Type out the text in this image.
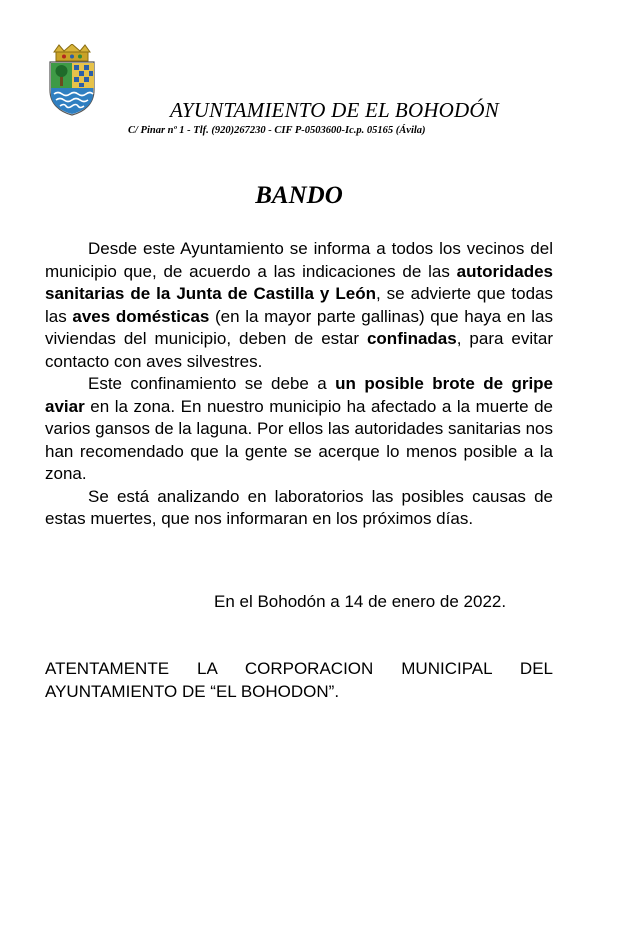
AYUNTAMIENTO DE EL BOHODÓN
C/ Pinar nº 1 - Tlf. (920)267230 - CIF P-0503600-Ic.p. 05165 (Ávila)
BANDO

Desde este Ayuntamiento se informa a todos los vecinos del municipio que, de acuerdo a las indicaciones de las autoridades sanitarias de la Junta de Castilla y León, se advierte que todas las aves domésticas (en la mayor parte gallinas) que haya en las viviendas del municipio, deben de estar confinadas, para evitar contacto con aves silvestres.

Este confinamiento se debe a un posible brote de gripe aviar en la zona. En nuestro municipio ha afectado a la muerte de varios gansos de la laguna. Por ellos las autoridades sanitarias nos han recomendado que la gente se acerque lo menos posible a la zona.

Se está analizando en laboratorios las posibles causas de estas muertes, que nos informaran en los próximos días.

En el Bohodón a 14 de enero de 2022.
ATENTAMENTE LA CORPORACION MUNICIPAL DEL
AYUNTAMIENTO DE “EL BOHODON”.
